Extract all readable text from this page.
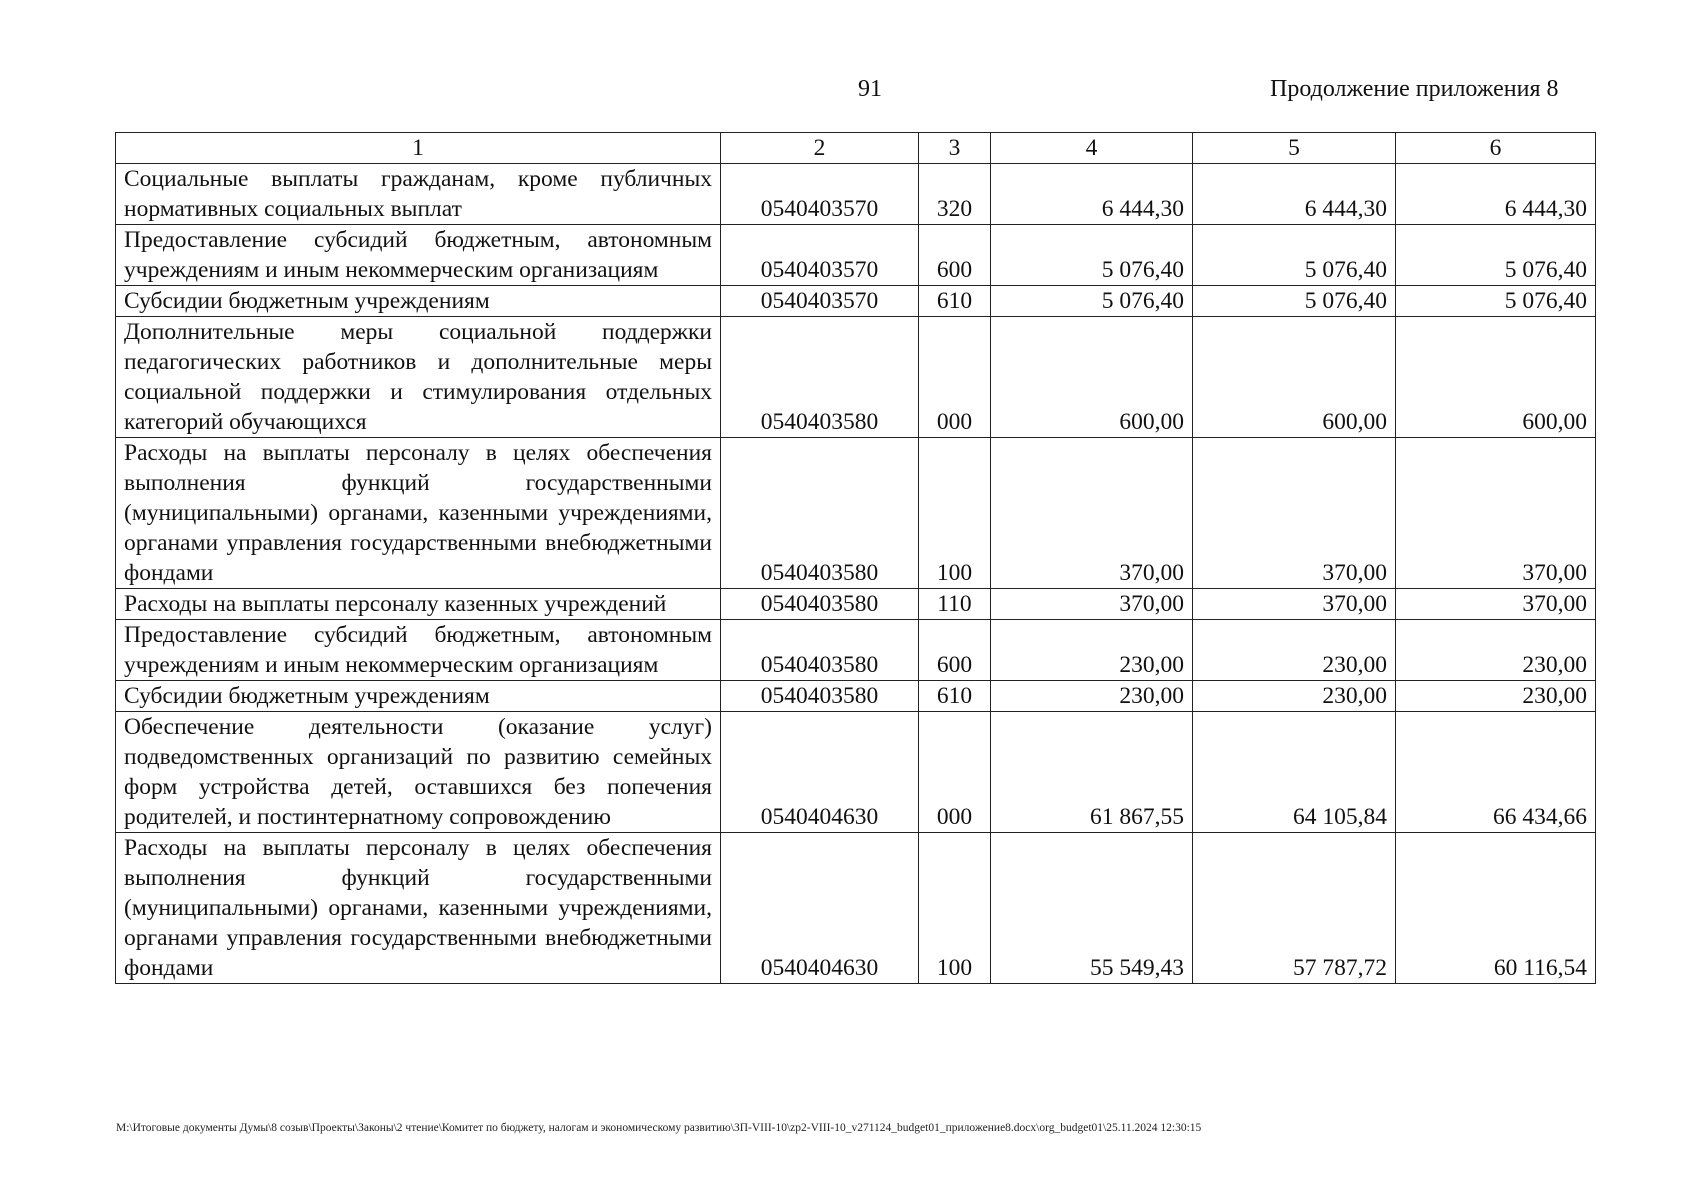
91	Продолжение приложения 8
1	2	3	4	5	6
Социальные выплаты гражданам, кроме публичных нормативных социальных выплат	0540403570	320	6 444,30	6 444,30	6 444,30
Предоставление субсидий бюджетным, автономным учреждениям и иным некоммерческим организациям	0540403570	600	5 076,40	5 076,40	5 076,40
Субсидии бюджетным учреждениям	0540403570	610	5 076,40	5 076,40	5 076,40
Дополнительные меры социальной поддержки педагогических работников и дополнительные меры социальной поддержки и стимулирования отдельных категорий обучающихся	0540403580	000	600,00	600,00	600,00
Расходы на выплаты персоналу в целях обеспечения выполнения функций государственными (муниципальными) органами, казенными учреждениями, органами управления государственными внебюджетными фондами	0540403580	100	370,00	370,00	370,00
Расходы на выплаты персоналу казенных учреждений	0540403580	110	370,00	370,00	370,00
Предоставление субсидий бюджетным, автономным учреждениям и иным некоммерческим организациям	0540403580	600	230,00	230,00	230,00
Субсидии бюджетным учреждениям	0540403580	610	230,00	230,00	230,00
Обеспечение деятельности (оказание услуг) подведомственных организаций по развитию семейных форм устройства детей, оставшихся без попечения родителей, и постинтернатному сопровождению	0540404630	000	61 867,55	64 105,84	66 434,66
Расходы на выплаты персоналу в целях обеспечения выполнения функций государственными (муниципальными) органами, казенными учреждениями, органами управления государственными внебюджетными фондами	0540404630	100	55 549,43	57 787,72	60 116,54
M:\Итоговые документы Думы\8 созыв\Проекты\Законы\2 чтение\Комитет по бюджету, налогам и экономическому развитию\ЗП-VIII-10\zp2-VIII-10_v271124_budget01_приложение8.docx\org_budget01\25.11.2024 12:30:15
